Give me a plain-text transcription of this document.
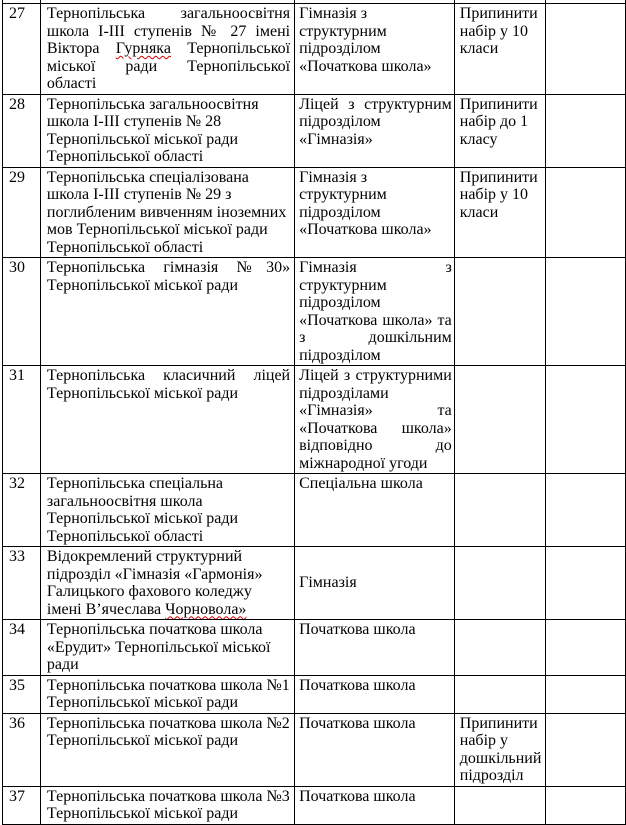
27	Тернопільська загальноосвітня школа І-ІІІ ступенів № 27 імені Віктора Гурняка Тернопільської міської ради Тернопільської області	Гімназія з структурним підрозділом «Початкова школа»	Припинити набір у 10 класи	
28	Тернопільська загальноосвітня школа І-ІІІ ступенів № 28 Тернопільської міської ради Тернопільської області	Ліцей з структурним підрозділом «Гімназія»	Припинити набір до 1 класу	
29	Тернопільська спеціалізована школа І-ІІІ ступенів № 29 з поглибленим вивченням іноземних мов Тернопільської міської ради Тернопільської області	Гімназія з структурним підрозділом «Початкова школа»	Припинити набір у 10 класи	
30	Тернопільська гімназія №30» Тернопільської міської ради	Гімназія з структурним підрозділом «Початкова школа» та з дошкільним підрозділом		
31	Тернопільська класичний ліцей Тернопільської міської ради	Ліцей з структурними підрозділами «Гімназія» та «Початкова школа» відповідно до міжнародної угоди		
32	Тернопільська спеціальна загальноосвітня школа Тернопільської міської ради Тернопільської області	Спеціальна школа		
33	Відокремлений структурний підрозділ «Гімназія «Гармонія» Галицького фахового коледжу імені В’ячеслава Чорновола»	Гімназія		
34	Тернопільська початкова школа «Ерудит» Тернопільської міської ради	Початкова школа		
35	Тернопільська початкова школа №1 Тернопільської міської ради	Початкова школа		
36	Тернопільська початкова школа №2 Тернопільської міської ради	Початкова школа	Припинити набір у дошкільний підрозділ	
37	Тернопільська початкова школа №3 Тернопільської міської ради	Початкова школа		
